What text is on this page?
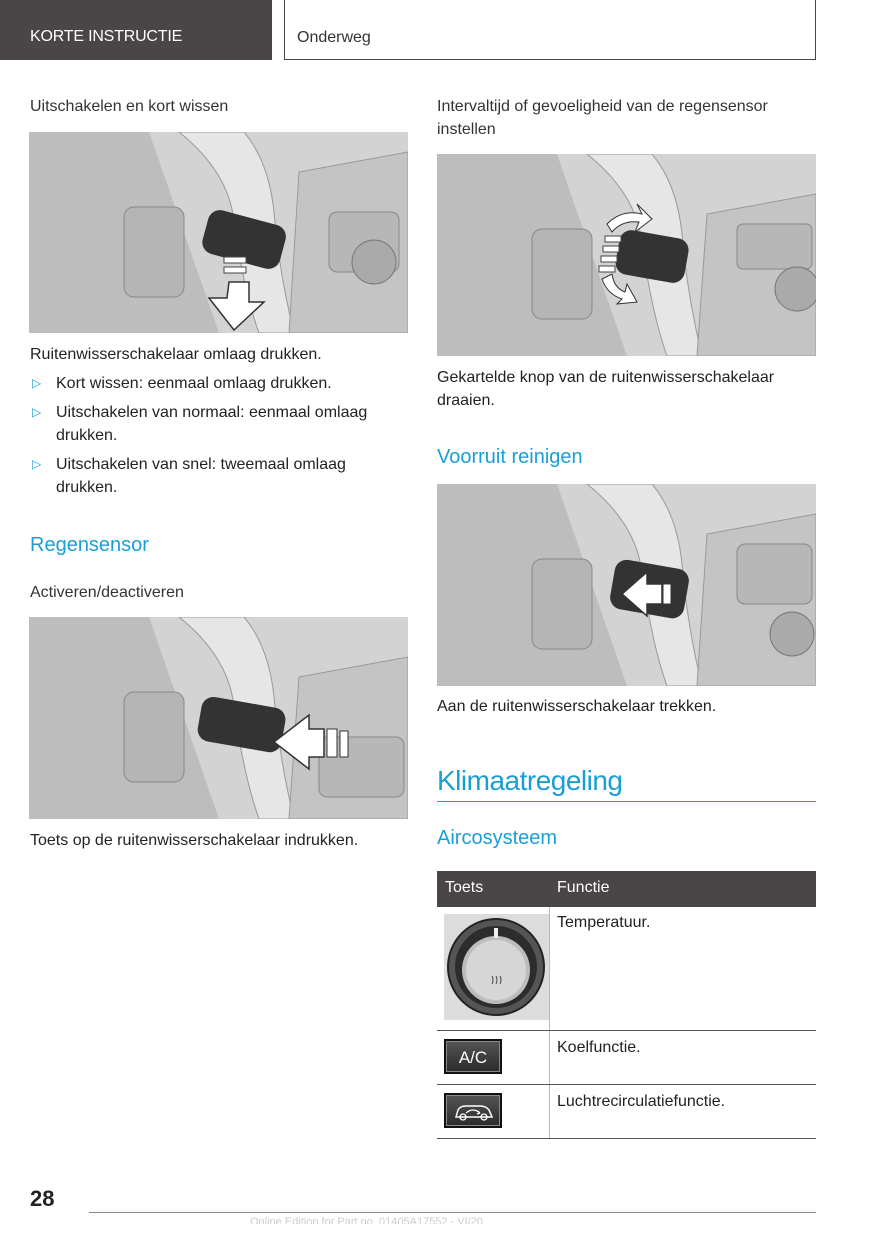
KORTE INSTRUCTIE	Onderweg
Uitschakelen en kort wissen
Ruitenwisserschakelaar omlaag drukken.
▷ Kort wissen: eenmaal omlaag drukken.
▷ Uitschakelen van normaal: eenmaal omlaag drukken.
▷ Uitschakelen van snel: tweemaal omlaag drukken.
Regensensor
Activeren/deactiveren
Toets op de ruitenwisserschakelaar indrukken.
Intervaltijd of gevoeligheid van de regensensor instellen
Gekartelde knop van de ruitenwisserschakelaar draaien.
Voorruit reinigen
Aan de ruitenwisserschakelaar trekken.
Klimaatregeling
Aircosysteem
Toets	Functie
Temperatuur.
A/C
Koelfunctie.
Luchtrecirculatiefunctie.
28
Online Edition for Part no. 01405A17552 - VI/20
